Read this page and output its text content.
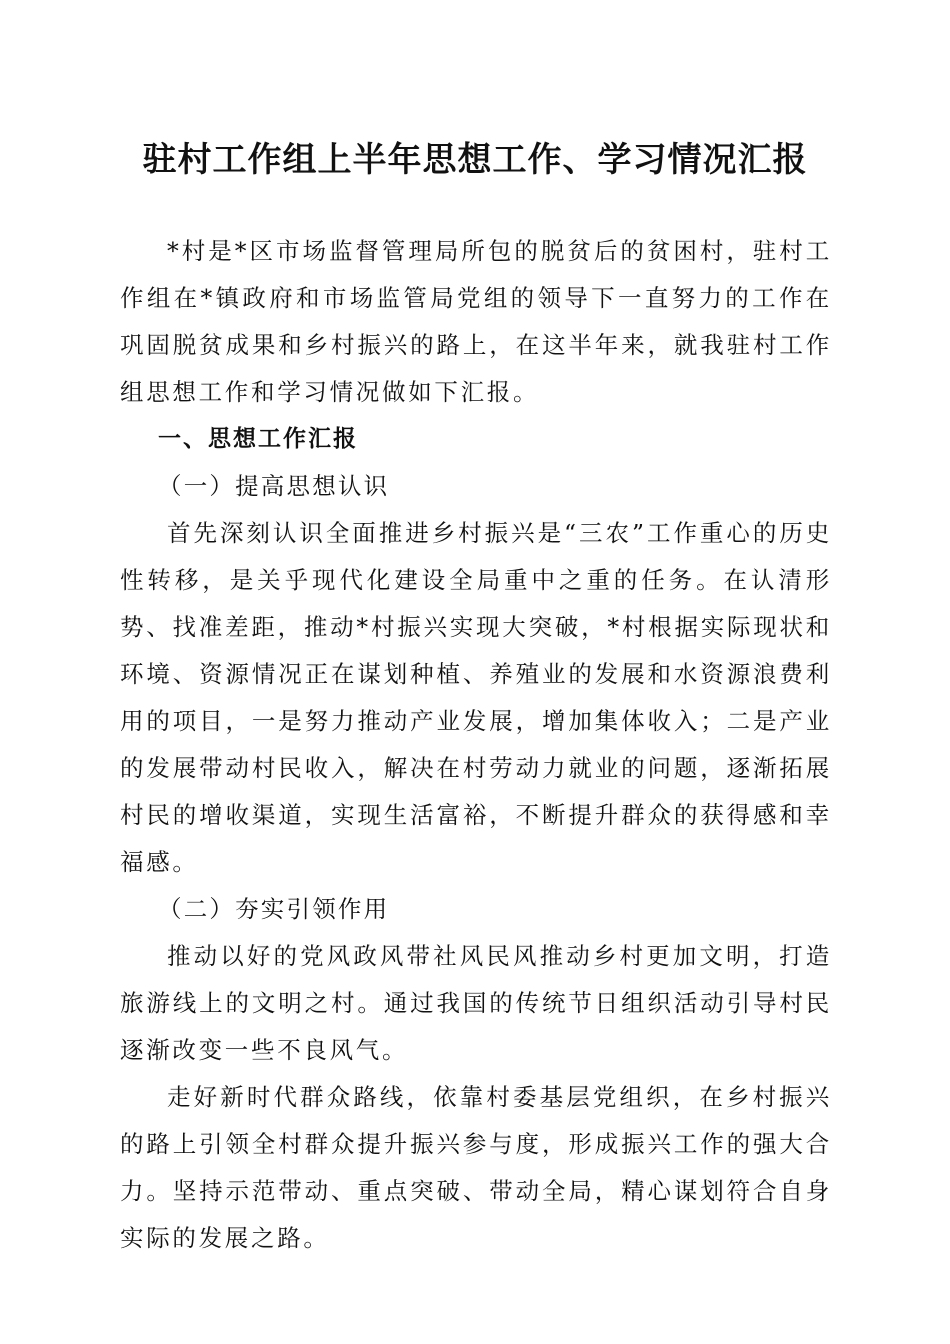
驻村工作组上半年思想工作、学习情况汇报

*村是*区市场监督管理局所包的脱贫后的贫困村，驻村工作组在*镇政府和市场监管局党组的领导下一直努力的工作在巩固脱贫成果和乡村振兴的路上，在这半年来，就我驻村工作组思想工作和学习情况做如下汇报。

一、思想工作汇报

（一）提高思想认识

首先深刻认识全面推进乡村振兴是“三农”工作重心的历史性转移，是关乎现代化建设全局重中之重的任务。在认清形势、找准差距，推动*村振兴实现大突破，*村根据实际现状和环境、资源情况正在谋划种植、养殖业的发展和水资源浪费利用的项目，一是努力推动产业发展，增加集体收入；二是产业的发展带动村民收入，解决在村劳动力就业的问题，逐渐拓展村民的增收渠道，实现生活富裕，不断提升群众的获得感和幸福感。

（二）夯实引领作用

推动以好的党风政风带社风民风推动乡村更加文明，打造旅游线上的文明之村。通过我国的传统节日组织活动引导村民逐渐改变一些不良风气。

走好新时代群众路线，依靠村委基层党组织，在乡村振兴的路上引领全村群众提升振兴参与度，形成振兴工作的强大合力。坚持示范带动、重点突破、带动全局，精心谋划符合自身实际的发展之路。
